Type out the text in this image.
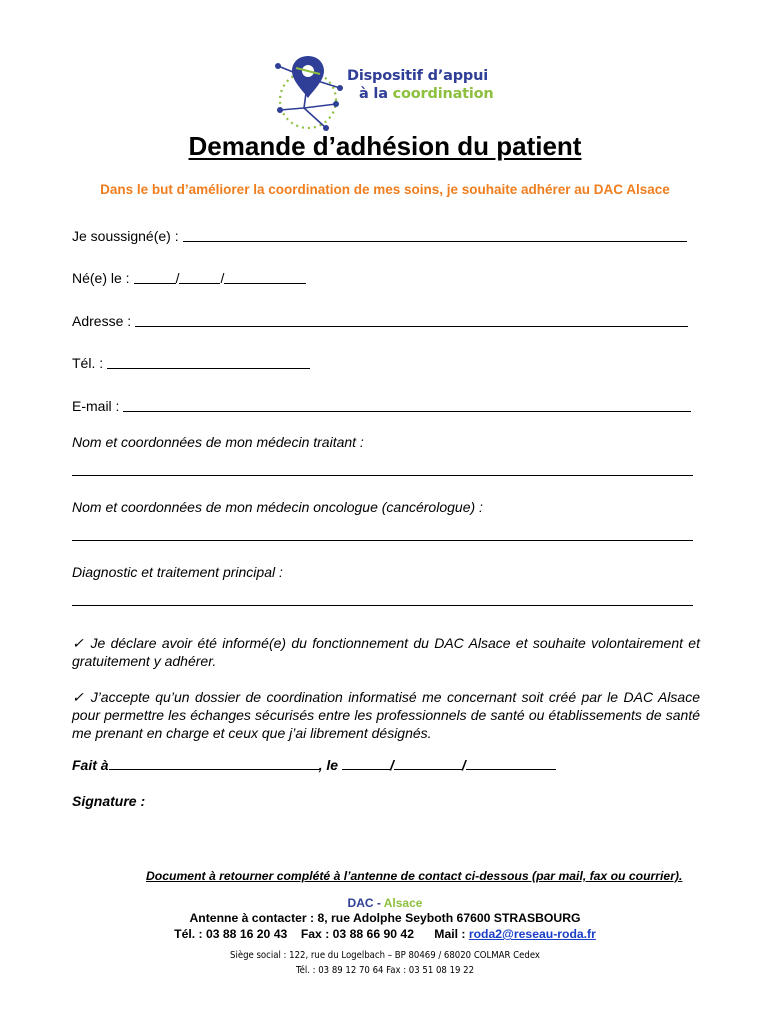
Dispositif d’appui
à la coordination
Demande d’adhésion du patient
Dans le but d’améliorer la coordination de mes soins, je souhaite adhérer au DAC Alsace
Je soussigné(e) :
Né(e) le :	/	/
Adresse :
Tél. :
E-mail :
Nom et coordonnées de mon médecin traitant :
Nom et coordonnées de mon médecin oncologue (cancérologue) :
Diagnostic et traitement principal :
✓ Je déclare avoir été informé(e) du fonctionnement du DAC Alsace et souhaite volontairement et gratuitement y adhérer.
✓ J’accepte qu’un dossier de coordination informatisé me concernant soit créé par le DAC Alsace pour permettre les échanges sécurisés entre les professionnels de santé ou établissements de santé me prenant en charge et ceux que j’ai librement désignés.
Fait à	, le	/	/
Signature :
Document à retourner complété à l’antenne de contact ci-dessous (par mail, fax ou courrier).
DAC - Alsace
Antenne à contacter : 8, rue Adolphe Seyboth 67600 STRASBOURG
Tél. : 03 88 16 20 43    Fax : 03 88 66 90 42      Mail : roda2@reseau-roda.fr
Siège social : 122, rue du Logelbach – BP 80469 / 68020 COLMAR Cedex
Tél. : 03 89 12 70 64 Fax : 03 51 08 19 22
